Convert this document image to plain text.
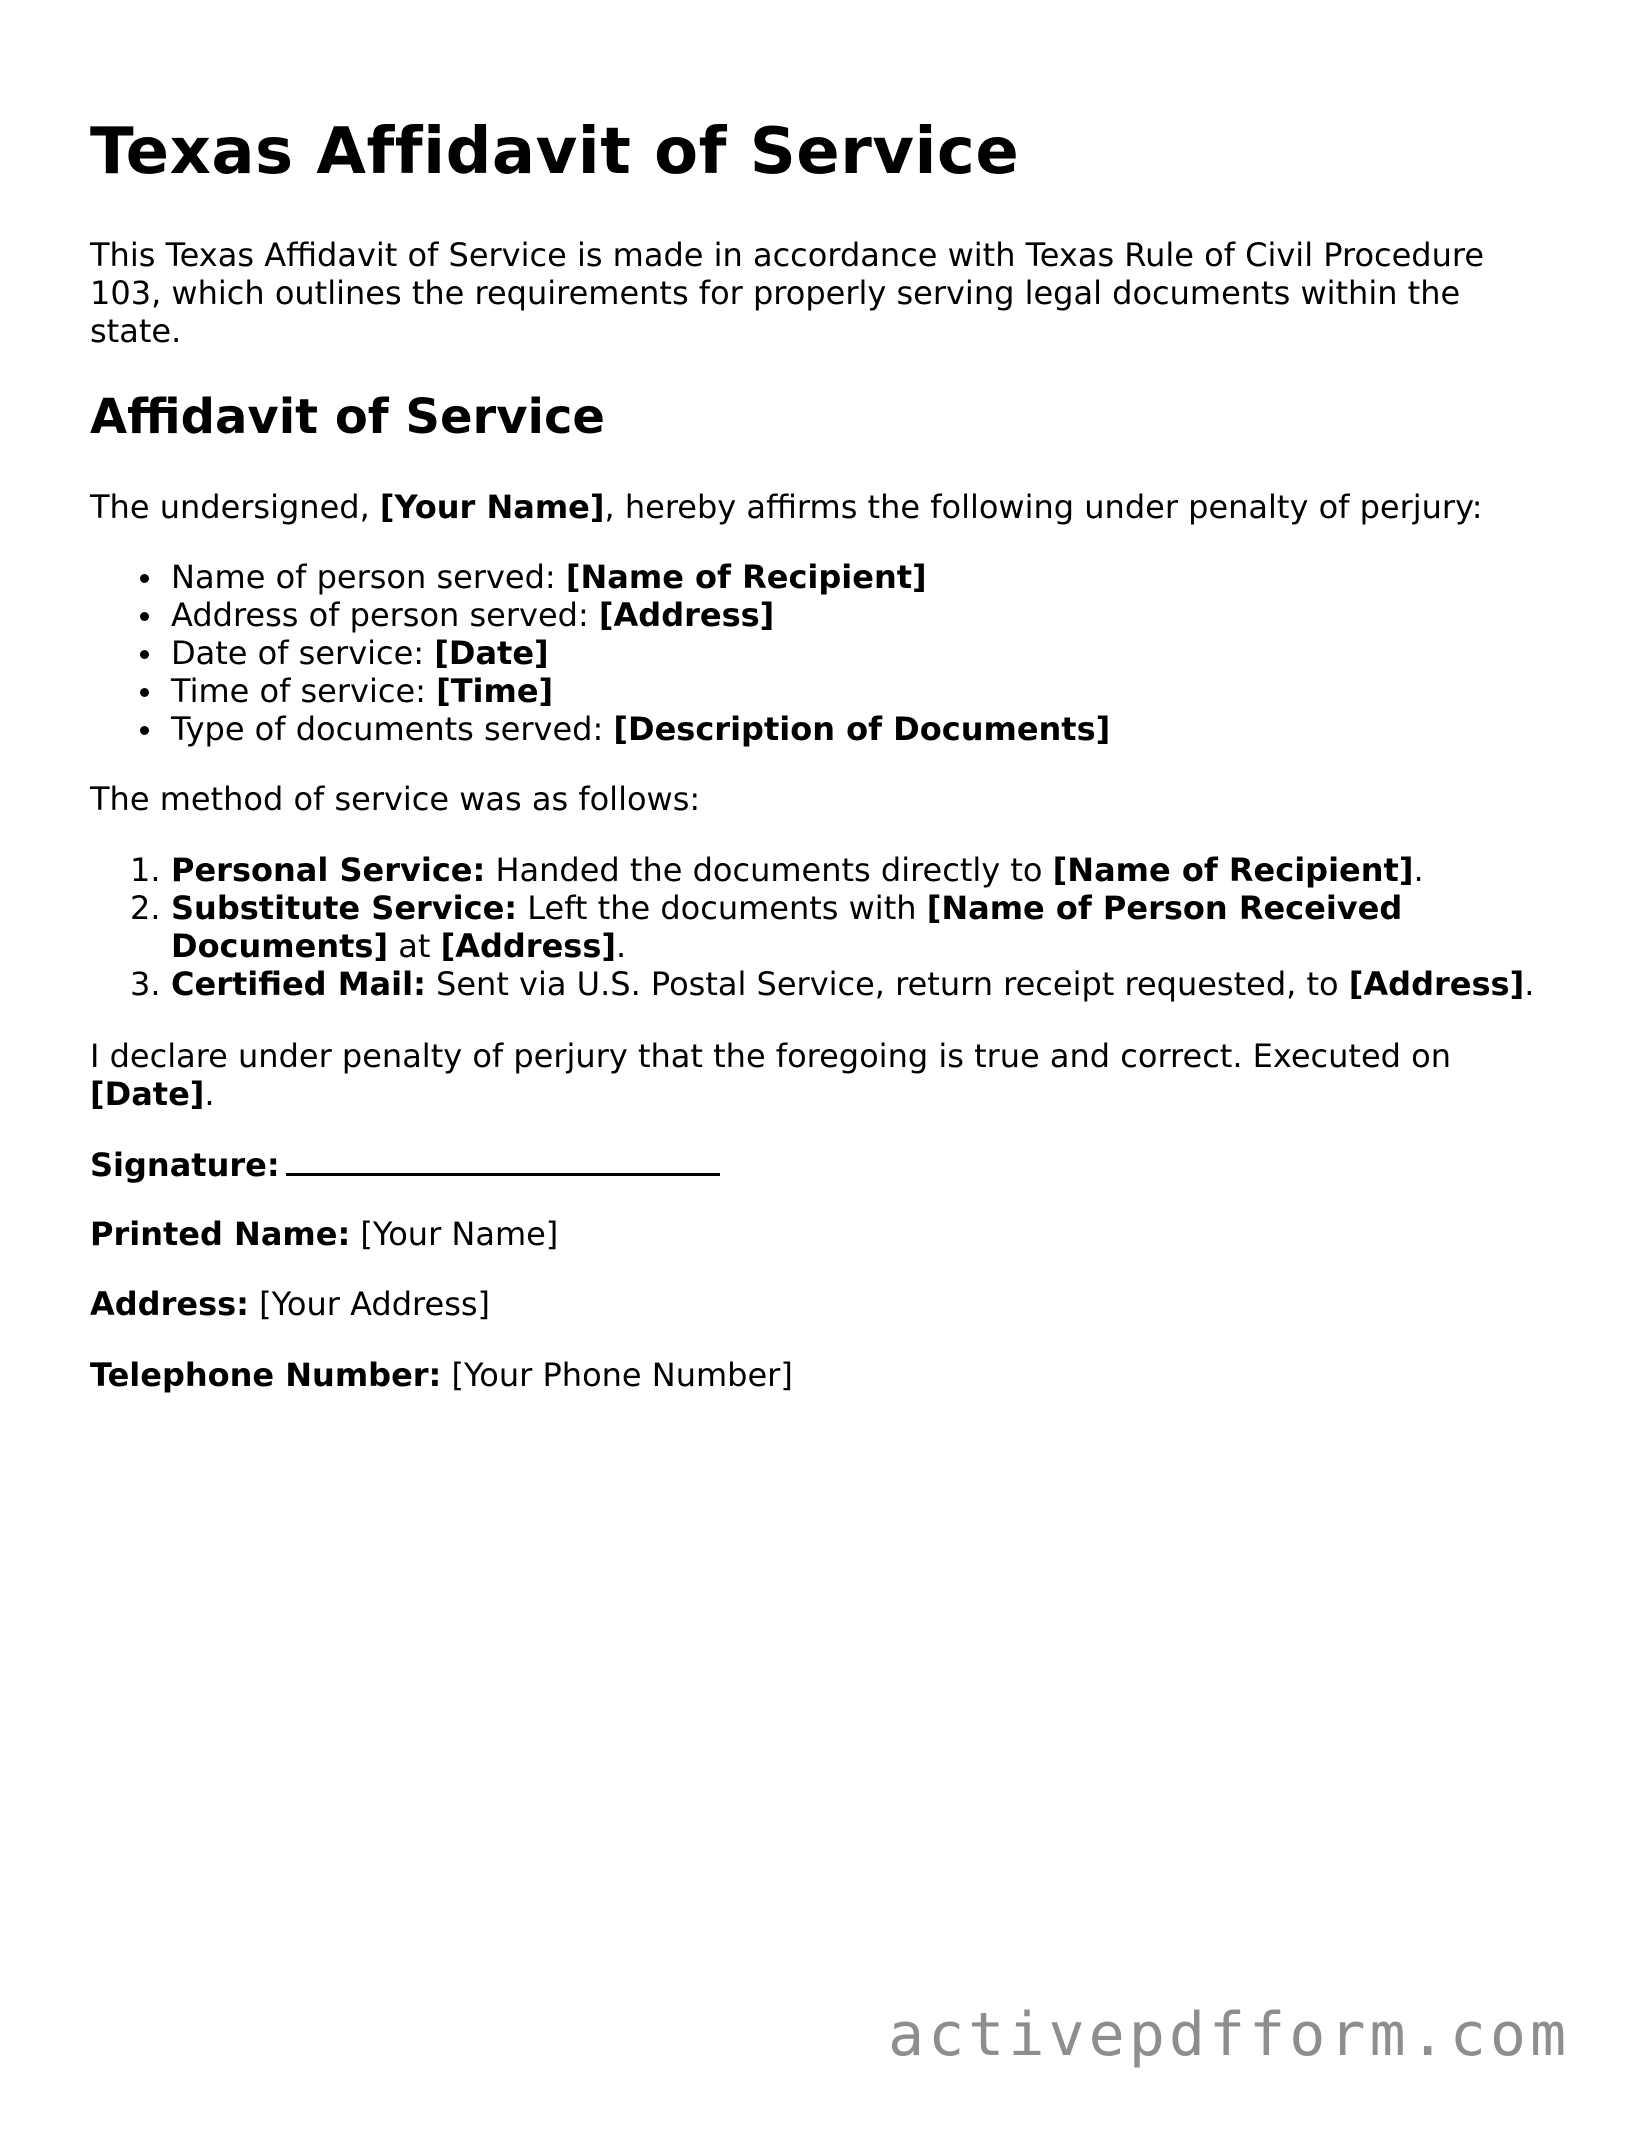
Texas Affidavit of Service

This Texas Affidavit of Service is made in accordance with Texas Rule of Civil Procedure 103, which outlines the requirements for properly serving legal documents within the state.

Affidavit of Service

The undersigned, [Your Name], hereby affirms the following under penalty of perjury:

Name of person served: [Name of Recipient]
Address of person served: [Address]
Date of service: [Date]
Time of service: [Time]
Type of documents served: [Description of Documents]

The method of service was as follows:

1. Personal Service: Handed the documents directly to [Name of Recipient].
2. Substitute Service: Left the documents with [Name of Person Received Documents] at [Address].
3. Certified Mail: Sent via U.S. Postal Service, return receipt requested, to [Address].

I declare under penalty of perjury that the foregoing is true and correct. Executed on [Date].

Signature:

Printed Name: [Your Name]

Address: [Your Address]

Telephone Number: [Your Phone Number]

activepdfform.com
